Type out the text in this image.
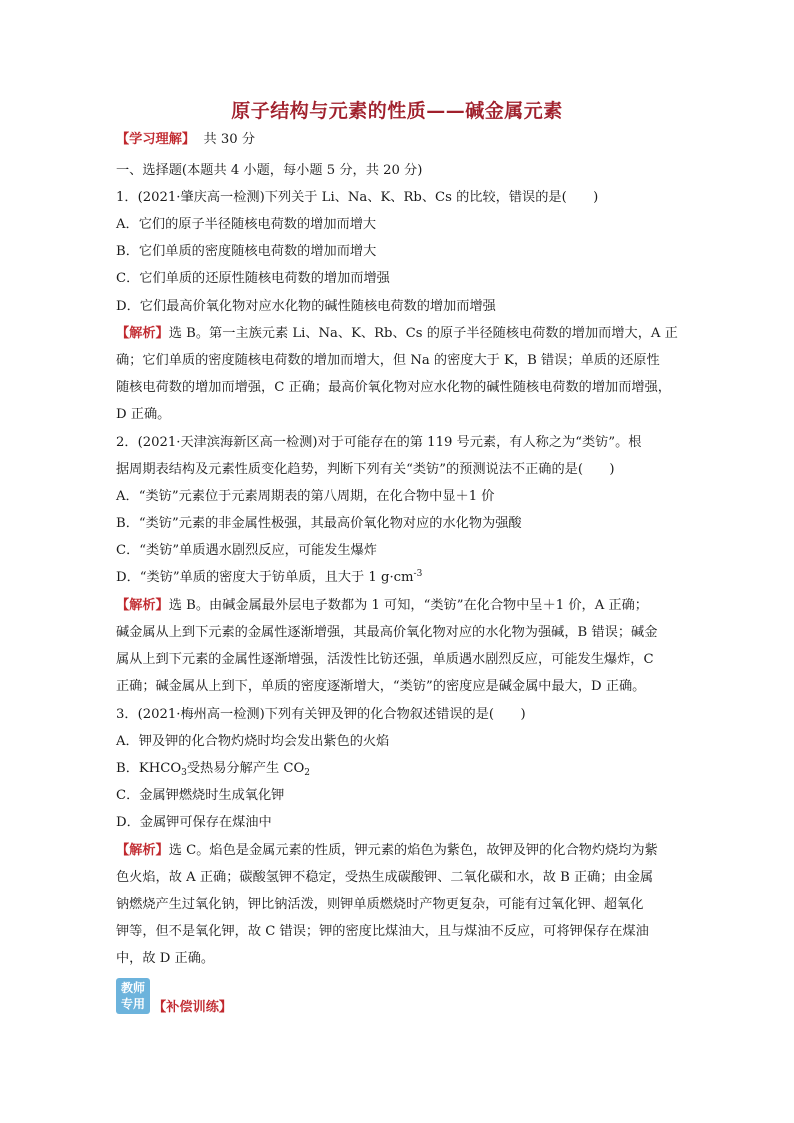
原子结构与元素的性质——碱金属元素
【学习理解】 共 30 分
一、选择题(本题共 4 小题，每小题 5 分，共 20 分)
1．(2021·肇庆高一检测)下列关于 Li、Na、K、Rb、Cs 的比较，错误的是(　　)
A．它们的原子半径随核电荷数的增加而增大
B．它们单质的密度随核电荷数的增加而增大
C．它们单质的还原性随核电荷数的增加而增强
D．它们最高价氧化物对应水化物的碱性随核电荷数的增加而增强
【解析】选 B。第一主族元素 Li、Na、K、Rb、Cs 的原子半径随核电荷数的增加而增大，A 正
确；它们单质的密度随核电荷数的增加而增大，但 Na 的密度大于 K，B 错误；单质的还原性
随核电荷数的增加而增强，C 正确；最高价氧化物对应水化物的碱性随核电荷数的增加而增强，
D 正确。
2．(2021·天津滨海新区高一检测)对于可能存在的第 119 号元素，有人称之为“类钫”。根
据周期表结构及元素性质变化趋势，判断下列有关“类钫”的预测说法不正确的是(　　)
A．“类钫”元素位于元素周期表的第八周期，在化合物中显＋1 价
B．“类钫”元素的非金属性极强，其最高价氧化物对应的水化物为强酸
C．“类钫”单质遇水剧烈反应，可能发生爆炸
D．“类钫”单质的密度大于钫单质，且大于 1 $g\cdot cm^{-3}$
【解析】选 B。由碱金属最外层电子数都为 1 可知，“类钫”在化合物中呈＋1 价，A 正确；
碱金属从上到下元素的金属性逐渐增强，其最高价氧化物对应的水化物为强碱，B 错误；碱金
属从上到下元素的金属性逐渐增强，活泼性比钫还强，单质遇水剧烈反应，可能发生爆炸，C
正确；碱金属从上到下，单质的密度逐渐增大，“类钫”的密度应是碱金属中最大，D 正确。
3．(2021·梅州高一检测)下列有关钾及钾的化合物叙述错误的是(　　)
A．钾及钾的化合物灼烧时均会发出紫色的火焰
B．$KHCO_3$受热易分解产生 $CO_2$
C．金属钾燃烧时生成氧化钾
D．金属钾可保存在煤油中
【解析】选 C。焰色是金属元素的性质，钾元素的焰色为紫色，故钾及钾的化合物灼烧均为紫
色火焰，故 A 正确；碳酸氢钾不稳定，受热生成碳酸钾、二氧化碳和水，故 B 正确；由金属
钠燃烧产生过氧化钠，钾比钠活泼，则钾单质燃烧时产物更复杂，可能有过氧化钾、超氧化
钾等，但不是氧化钾，故 C 错误；钾的密度比煤油大，且与煤油不反应，可将钾保存在煤油
中，故 D 正确。
教师
专用 【补偿训练】
